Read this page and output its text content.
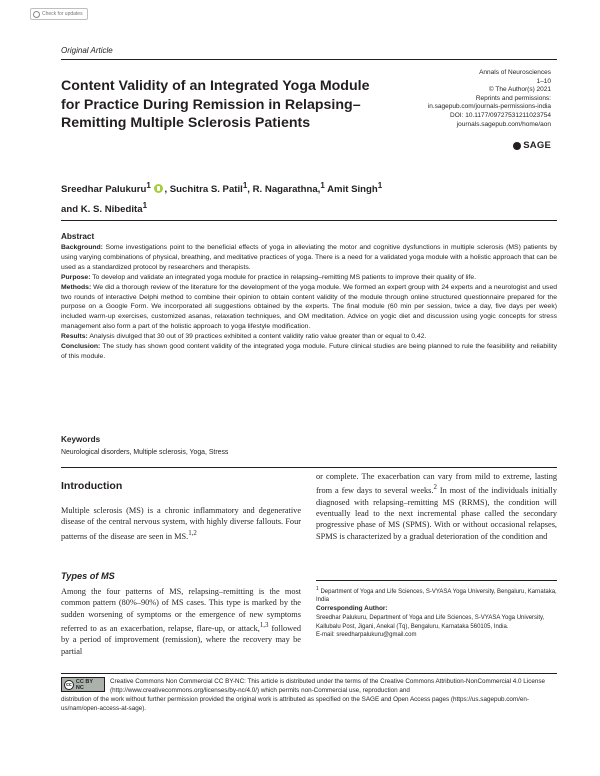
Check for updates
Original Article
Content Validity of an Integrated Yoga Module for Practice During Remission in Relapsing–Remitting Multiple Sclerosis Patients
Annals of Neurosciences
1–10
© The Author(s) 2021
Reprints and permissions:
in.sagepub.com/journals-permissions-india
DOI: 10.1177/09727531211023754
journals.sagepub.com/home/aon
SAGE
Sreedhar Palukuru$^1$ , Suchitra S. Patil$^1$, R. Nagarathna,$^1$ Amit Singh$^1$
and K. S. Nibedita$^1$
Abstract

Background: Some investigations point to the beneficial effects of yoga in alleviating the motor and cognitive dysfunctions in multiple sclerosis (MS) patients by using varying combinations of physical, breathing, and meditative practices of yoga. There is a need for a validated yoga module with a holistic approach that can be used as a standardized protocol by researchers and therapists.

Purpose: To develop and validate an integrated yoga module for practice in relapsing–remitting MS patients to improve their quality of life.

Methods: We did a thorough review of the literature for the development of the yoga module. We formed an expert group with 24 experts and a neurologist and used two rounds of interactive Delphi method to combine their opinion to obtain content validity of the module through online structured questionnaire prepared for the purpose on a Google Form. We incorporated all suggestions obtained by the experts. The final module (60 min per session, twice a day, five days per week) included warm-up exercises, customized asanas, relaxation techniques, and OM meditation. Advice on yogic diet and discussion using yogic concepts for stress management also form a part of the holistic approach to yoga lifestyle modification.

Results: Analysis divulged that 30 out of 39 practices exhibited a content validity ratio value greater than or equal to 0.42.

Conclusion: The study has shown good content validity of the integrated yoga module. Future clinical studies are being planned to rule the feasibility and reliability of this module.

Keywords
Neurological disorders, Multiple sclerosis, Yoga, Stress
Introduction

Multiple sclerosis (MS) is a chronic inflammatory and degenerative disease of the central nervous system, with highly diverse fallouts. Four patterns of the disease are seen in MS.$^{1,2}$

Types of MS

Among the four patterns of MS, relapsing–remitting is the most common pattern (80%–90%) of MS cases. This type is marked by the sudden worsening of symptoms or the emergence of new symptoms referred to as an exacerbation, relapse, flare-up, or attack,$^{1,3}$ followed by a period of improvement (remission), where the recovery may be partial

or complete. The exacerbation can vary from mild to extreme, lasting from a few days to several weeks.$^2$ In most of the individuals initially diagnosed with relapsing–remitting MS (RRMS), the condition will eventually lead to the next incremental phase called the secondary progressive phase of MS (SPMS). With or without occasional relapses, SPMS is characterized by a gradual deterioration of the condition and

$^1$ Department of Yoga and Life Sciences, S-VYASA Yoga University, Bengaluru, Karnataka, India
Corresponding Author:
Sreedhar Palukuru, Department of Yoga and Life Sciences, S-VYASA Yoga University, Kallubalu Post, Jigani, Anekal (Tq), Bengaluru, Karnataka 560105, India.
E-mail: sreedharpalukuru@gmail.com
cc CC BY NC
Creative Commons Non Commercial CC BY-NC: This article is distributed under the terms of the Creative Commons Attribution-NonCommercial 4.0 License (http://www.creativecommons.org/licenses/by-nc/4.0/) which permits non-Commercial use, reproduction and
distribution of the work without further permission provided the original work is attributed as specified on the SAGE and Open Access pages (https://us.sagepub.com/en-us/nam/open-access-at-sage).
